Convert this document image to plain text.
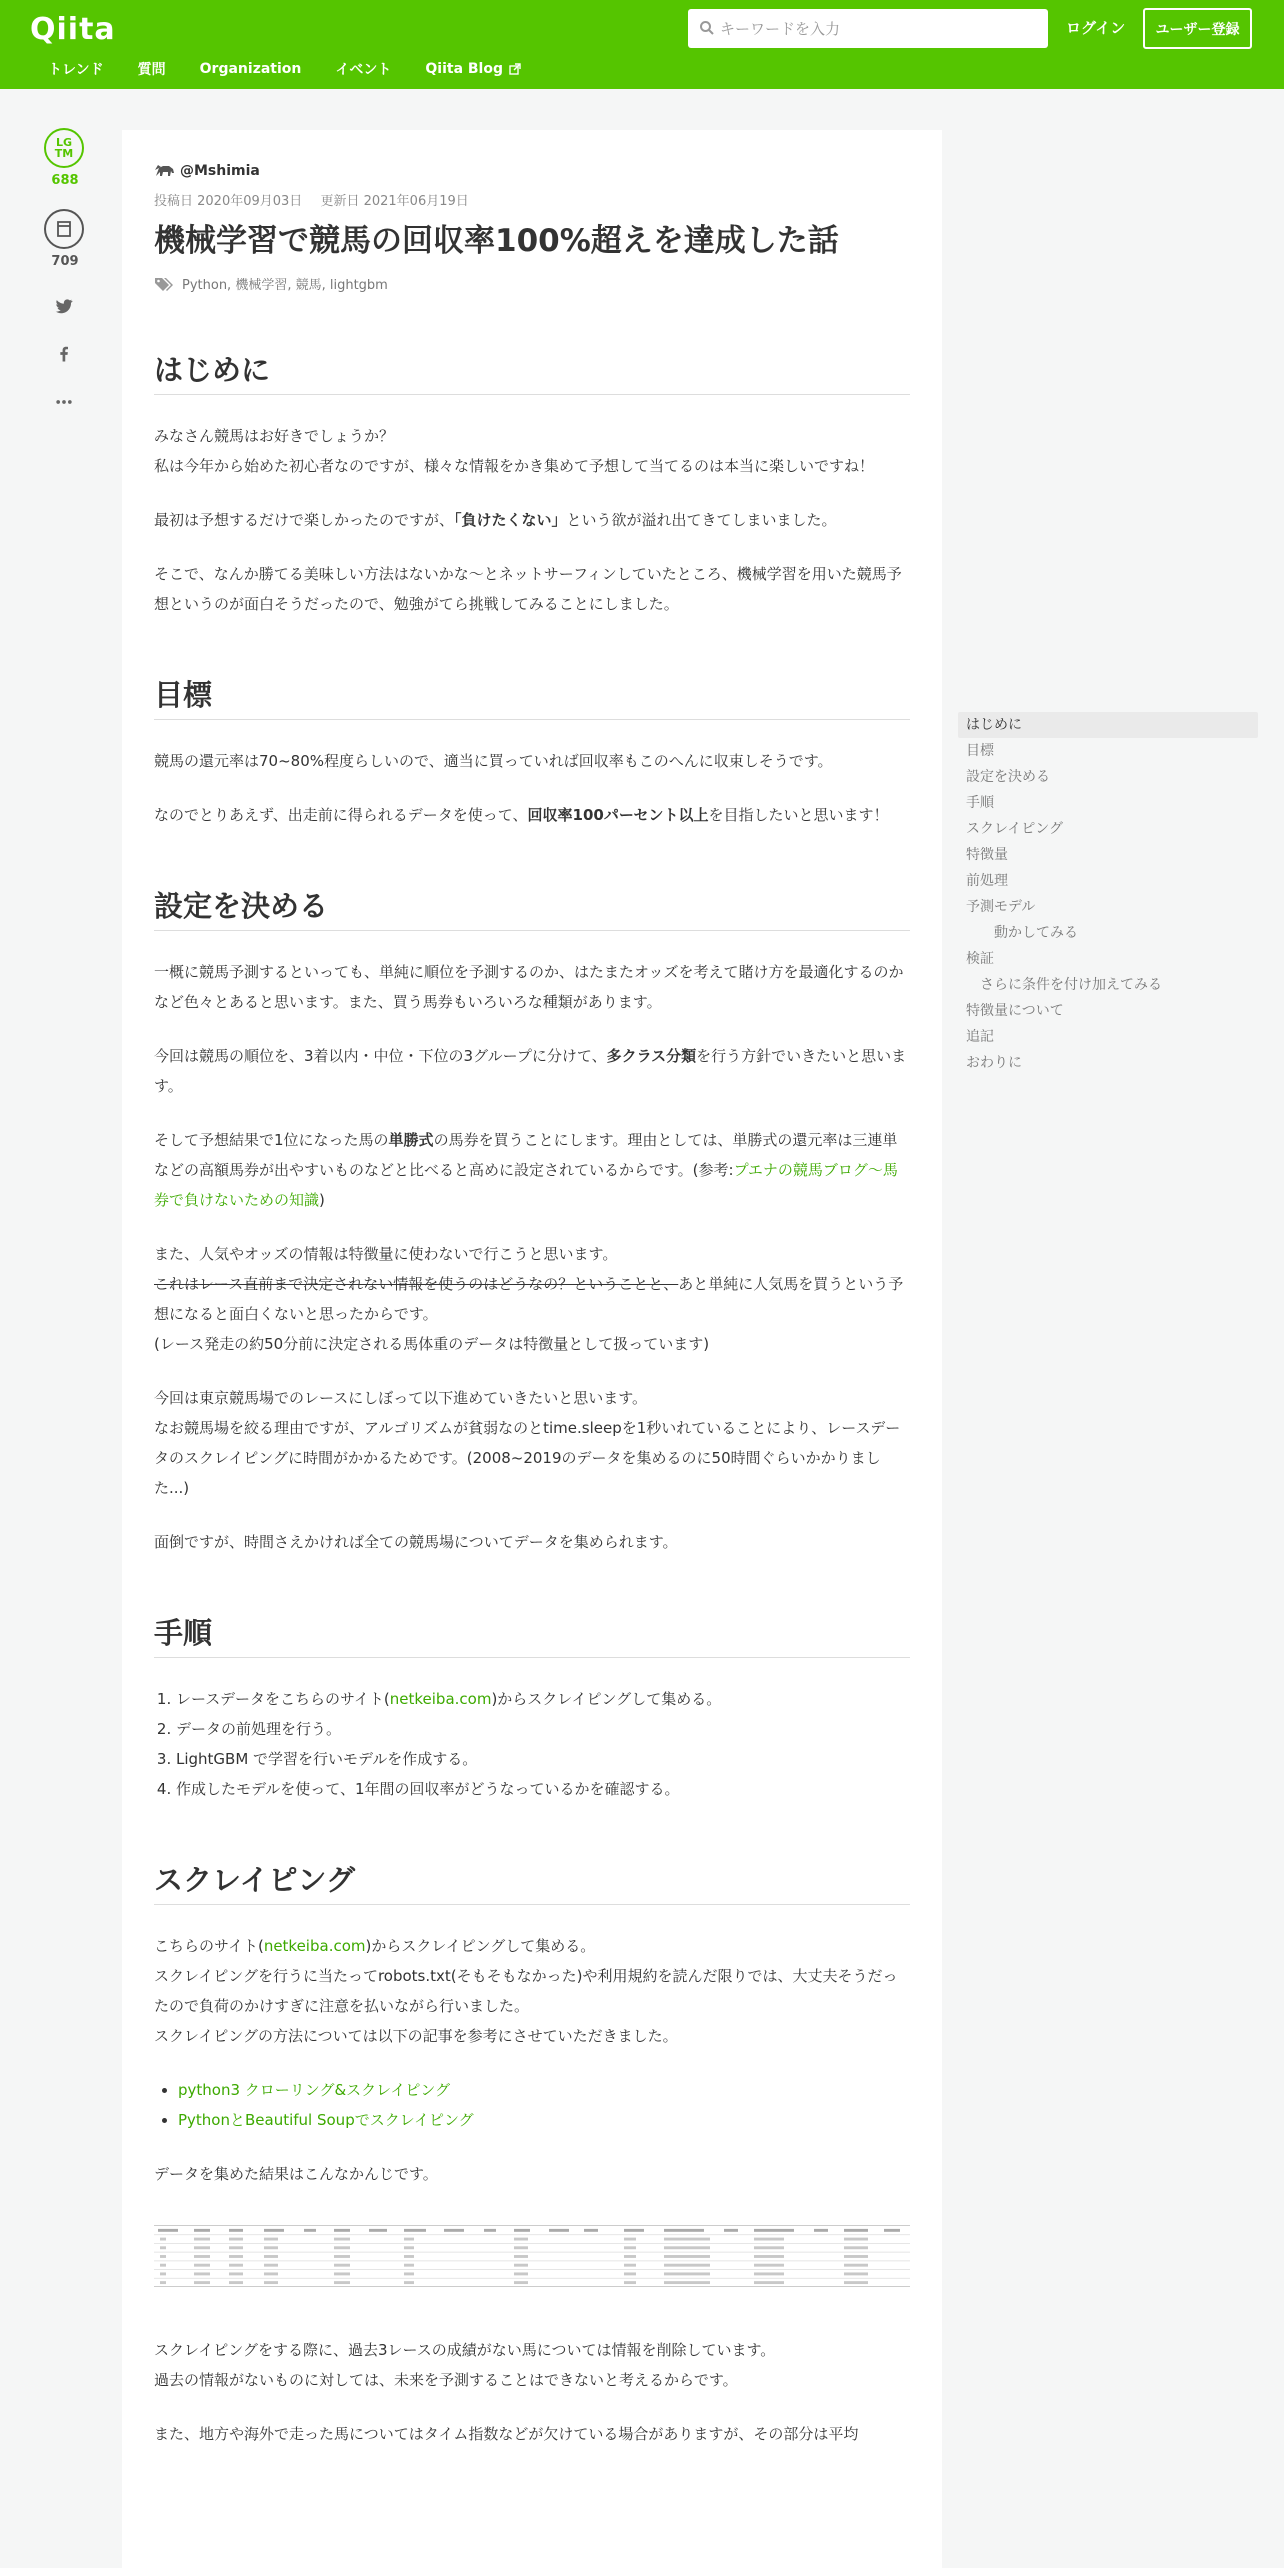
Qiita
キーワードを入力	ログイン	ユーザー登録
トレンド 質問 Organization イベント Qiita Blog
LG
TM
688
709
@Mshimia
投稿日 2020年09月03日 更新日 2021年06月19日
機械学習で競馬の回収率100%超えを達成した話
Python, 機械学習, 競馬, lightgbm
はじめに

みなさん競馬はお好きでしょうか？
私は今年から始めた初心者なのですが、様々な情報をかき集めて予想して当てるのは本当に楽しいですね！

最初は予想するだけで楽しかったのですが、「負けたくない」という欲が溢れ出てきてしまいました。

そこで、なんか勝てる美味しい方法はないかな〜とネットサーフィンしていたところ、機械学習を用いた競馬予想というのが面白そうだったので、勉強がてら挑戦してみることにしました。

目標

競馬の還元率は70~80%程度らしいので、適当に買っていれば回収率もこのへんに収束しそうです。

なのでとりあえず、出走前に得られるデータを使って、回収率100パーセント以上を目指したいと思います！

設定を決める

一概に競馬予測するといっても、単純に順位を予測するのか、はたまたオッズを考えて賭け方を最適化するのかなど色々とあると思います。また、買う馬券もいろいろな種類があります。

今回は競馬の順位を、3着以内・中位・下位の3グループに分けて、多クラス分類を行う方針でいきたいと思います。

そして予想結果で1位になった馬の単勝式の馬券を買うことにします。理由としては、単勝式の還元率は三連単などの高額馬券が出やすいものなどと比べると高めに設定されているからです。(参考:プエナの競馬ブログ〜馬券で負けないための知識)

また、人気やオッズの情報は特徴量に使わないで行こうと思います。
これはレース直前まで決定されない情報を使うのはどうなの？ということと、あと単純に人気馬を買うという予想になると面白くないと思ったからです。
(レース発走の約50分前に決定される馬体重のデータは特徴量として扱っています)

今回は東京競馬場でのレースにしぼって以下進めていきたいと思います。
なお競馬場を絞る理由ですが、アルゴリズムが貧弱なのとtime.sleepを1秒いれていることにより、レースデータのスクレイピングに時間がかかるためです。(2008~2019のデータを集めるのに50時間ぐらいかかりました...)

面倒ですが、時間さえかければ全ての競馬場についてデータを集められます。

手順
1. レースデータをこちらのサイト(netkeiba.com)からスクレイピングして集める。
2. データの前処理を行う。
3. LightGBM で学習を行いモデルを作成する。
4. 作成したモデルを使って、1年間の回収率がどうなっているかを確認する。
スクレイピング

こちらのサイト(netkeiba.com)からスクレイピングして集める。
スクレイピングを行うに当たってrobots.txt(そもそもなかった)や利用規約を読んだ限りでは、大丈夫そうだったので負荷のかけすぎに注意を払いながら行いました。
スクレイピングの方法については以下の記事を参考にさせていただきました。

• python3 クローリング&スクレイピング
• PythonとBeautiful Soupでスクレイピング

データを集めた結果はこんなかんじです。

スクレイピングをする際に、過去3レースの成績がない馬については情報を削除しています。
過去の情報がないものに対しては、未来を予測することはできないと考えるからです。

また、地方や海外で走った馬についてはタイム指数などが欠けている場合がありますが、その部分は平均

はじめに
目標
設定を決める
手順
スクレイピング
特徴量
前処理
予測モデル
動かしてみる
検証
さらに条件を付け加えてみる
特徴量について
追記
おわりに
